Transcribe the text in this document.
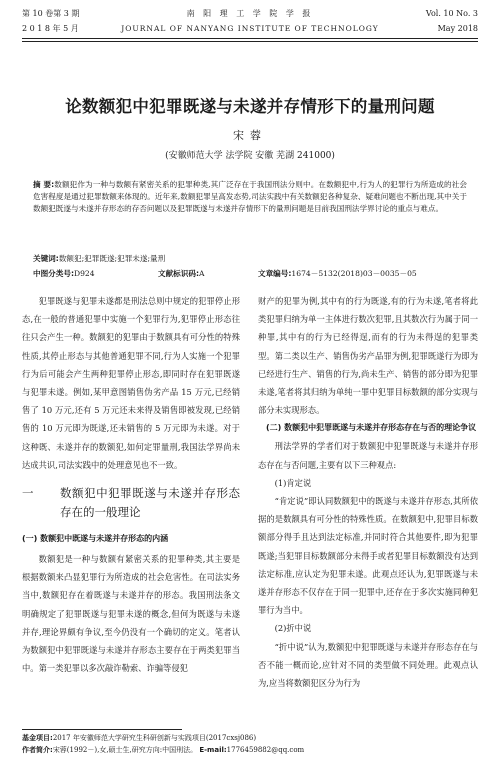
第 10 卷第 3 期	南 阳 理 工 学 院 学 报	Vol. 10 No. 3
2 0 1 8 年 5 月	JOURNAL OF NANYANG INSTITUTE OF TECHNOLOGY	May 2018
论数额犯中犯罪既遂与未遂并存情形下的量刑问题
宋蓉
(安徽师范大学 法学院 安徽 芜湖 241000)
摘 要:数额犯作为一种与数额有紧密关系的犯罪种类,其广泛存在于我国刑法分则中。在数额犯中,行为人的犯罪行为所造成的社会危害程度是通过犯罪数额来体现的。近年来,数额犯罪呈高发态势,司法实践中有关数额犯各种复杂、疑难问题也不断出现,其中关于数额犯既遂与未遂并存形态的存否问题以及犯罪既遂与未遂并存情形下的量刑问题是目前我国刑法学界讨论的重点与难点。
关键词:数额犯;犯罪既遂;犯罪未遂;量刑
中图分类号: D924	文献标识码: A	文章编号: 1674－5132(2018)03－0035－05

犯罪既遂与犯罪未遂都是刑法总则中规定的犯罪停止形态,在一般的普通犯罪中实施一个犯罪行为,犯罪停止形态往往只会产生一种。数额犯的犯罪由于数额具有可分性的特殊性质,其停止形态与其他普通犯罪不同,行为人实施一个犯罪行为后可能会产生两种犯罪停止形态,即同时存在犯罪既遂与犯罪未遂。例如,某甲意图销售伪劣产品 15 万元,已经销售了 10 万元,还有 5 万元还未来得及销售即被发现,已经销售的 10 万元即为既遂,还未销售的 5 万元即为未遂。对于这种既、未遂并存的数额犯,如何定罪量刑,我国法学界尚未达成共识,司法实践中的处理意见也不一致。

一 数额犯中犯罪既遂与未遂并存形态存在的一般理论
(一) 数额犯中既遂与未遂并存形态的内涵

数额犯是一种与数额有紧密关系的犯罪种类,其主要是根据数额来凸显犯罪行为所造成的社会危害性。在司法实务当中,数额犯存在着既遂与未遂并存的形态。我国刑法条文明确规定了犯罪既遂与犯罪未遂的概念,但何为既遂与未遂并存,理论界颇有争议,至今仍没有一个确切的定义。笔者认为数额犯中犯罪既遂与未遂并存形态主要存在于两类犯罪当中。第一类犯罪以多次敲诈勒索、诈骗等侵犯

财产的犯罪为例,其中有的行为既遂,有的行为未遂,笔者将此类犯罪归纳为单一主体进行数次犯罪,且其数次行为属于同一种罪,其中有的行为已经得逞,而有的行为未得逞的犯罪类型。第二类以生产、销售伪劣产品罪为例,犯罪既遂行为即为已经进行生产、销售的行为,尚未生产、销售的部分即为犯罪未遂,笔者将其归纳为单纯一罪中犯罪目标数额的部分实现与部分未实现形态。

(二) 数额犯中犯罪既遂与未遂并存形态存在与否的理论争议

刑法学界的学者们对于数额犯中犯罪既遂与未遂并存形态存在与否问题,主要有以下三种观点:

(1)肯定说

“肯定说”即认同数额犯中的既遂与未遂并存形态,其所依据的是数额具有可分性的特殊性质。在数额犯中,犯罪目标数额部分得手且达到法定标准,并同时符合其他要件,即为犯罪既遂;当犯罪目标数额部分未得手或者犯罪目标数额没有达到法定标准,应认定为犯罪未遂。此观点还认为,犯罪既遂与未遂并存形态不仅存在于同一犯罪中,还存在于多次实施同种犯罪行为当中。

(2)折中说

“折中说”认为,数额犯中犯罪既遂与未遂并存形态存在与否不能一概而论,应针对不同的类型做不同处理。此观点认为,应当将数额犯区分为行为

基金项目:2017 年安徽师范大学研究生科研创新与实践项目(2017cxsj086)
作者简介:宋蓉(1992－),女,硕士生,研究方向:中国刑法。 E-mail:1776459882@qq.com
